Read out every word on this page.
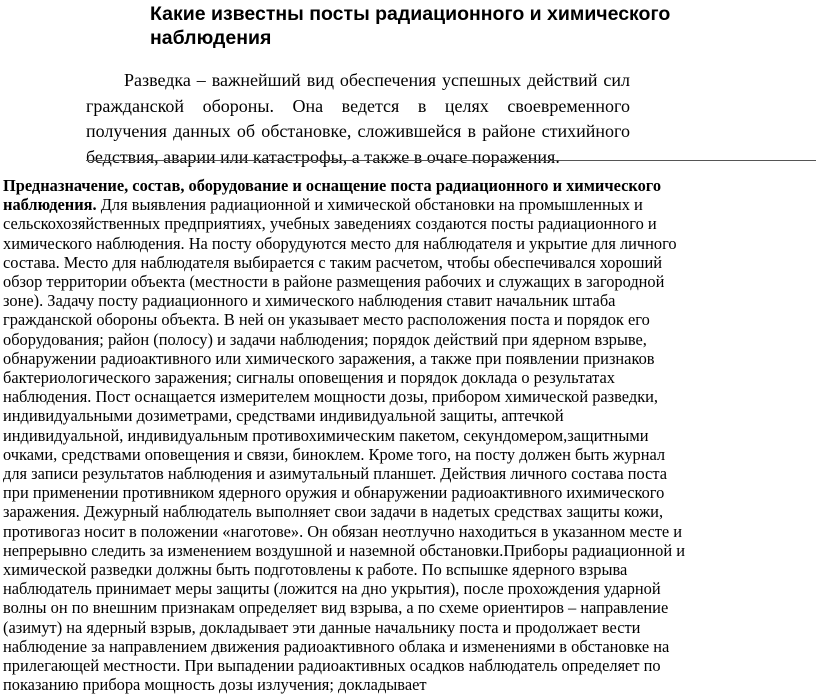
Какие известны посты радиационного и химического наблюдения

Разведка – важнейший вид обеспечения успешных действий сил гражданской обороны. Она ведется в целях своевременного получения данных об обстановке, сложившейся в районе стихийного бедствия, аварии или катастрофы, а также в очаге поражения.

Предназначение, состав, оборудование и оснащение поста радиационного и химического наблюдения. Для выявления радиационной и химической обстановки на промышленных и сельскохозяйственных предприятиях, учебных заведениях создаются посты радиационного и химического наблюдения. На посту оборудуются место для наблюдателя и укрытие для личного состава. Место для наблюдателя выбирается с таким расчетом, чтобы обеспечивался хороший обзор территории объекта (местности в районе размещения рабочих и служащих в загородной зоне). Задачу посту радиационного и химического наблюдения ставит начальник штаба гражданской обороны объекта. В ней он указывает место расположения поста и порядок его оборудования; район (полосу) и задачи наблюдения; порядок действий при ядерном взрыве, обнаружении радиоактивного или химического заражения, а также при появлении признаков бактериологического заражения; сигналы оповещения и порядок доклада о результатах наблюдения. Пост оснащается измерителем мощности дозы, прибором химической разведки, индивидуальными дозиметрами, средствами индивидуальной защиты, аптечкой индивидуальной, индивидуальным противохимическим пакетом, секундомером,защитными очками, средствами оповещения и связи, биноклем. Кроме того, на посту должен быть журнал для записи результатов наблюдения и азимутальный планшет. Действия личного состава поста при применении противником ядерного оружия и обнаружении радиоактивного ихимического заражения. Дежурный наблюдатель выполняет свои задачи в надетых средствах защиты кожи, противогаз носит в положении «наготове». Он обязан неотлучно находиться в указанном месте и непрерывно следить за изменением воздушной и наземной обстановки.Приборы радиационной и химической разведки должны быть подготовлены к работе. По вспышке ядерного взрыва наблюдатель принимает меры защиты (ложится на дно укрытия), после прохождения ударной волны он по внешним признакам определяет вид взрыва, а по схеме ориентиров – направление (азимут) на ядерный взрыв, докладывает эти данные начальнику поста и продолжает вести наблюдение за направлением движения радиоактивного облака и изменениями в обстановке на прилегающей местности. При выпадении радиоактивных осадков наблюдатель определяет по показанию прибора мощность дозы излучения; докладывает
